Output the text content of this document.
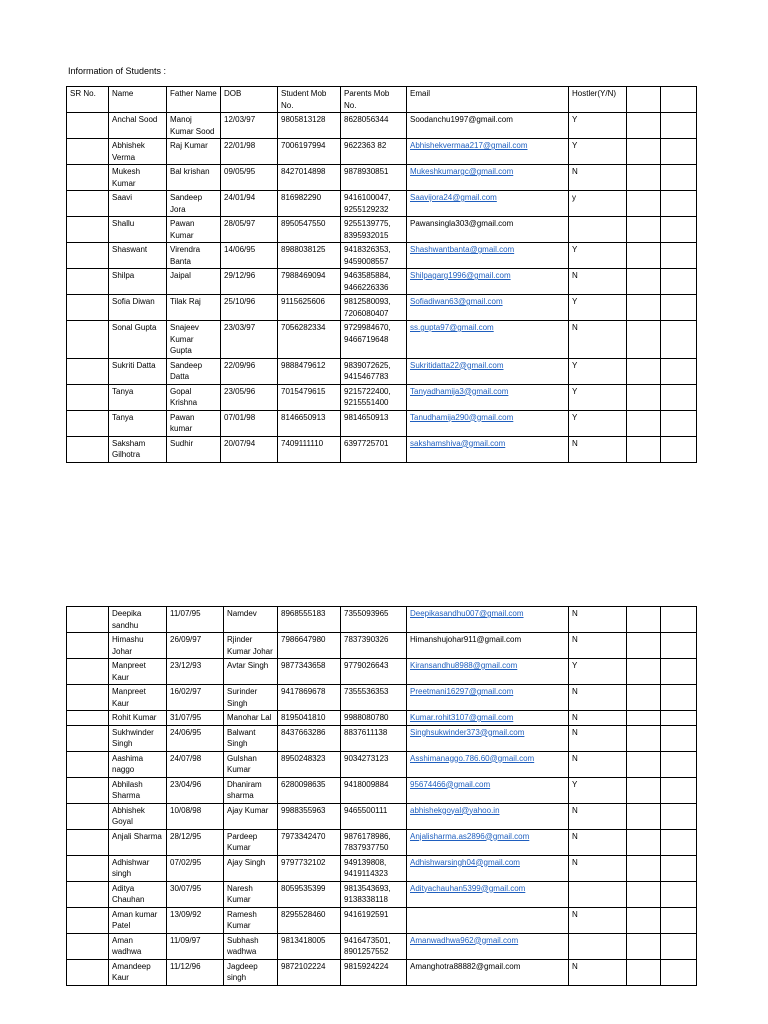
Information of Students :
SR No.	Name	Father Name	DOB	Student Mob No.	Parents Mob No.	Email	Hostler(Y/N)		
	Anchal Sood	Manoj Kumar Sood	12/03/97	9805813128	8628056344	Soodanchu1997@gmail.com	Y		
	Abhishek Verma	Raj Kumar	22/01/98	7006197994	9622363 82	Abhishekvermaa217@gmail.com	Y		
	Mukesh Kumar	Bal krishan	09/05/95	8427014898	9878930851	Mukeshkumargc@gmail.com	N		
	Saavi	Sandeep Jora	24/01/94	816982290	9416100047, 9255129232	Saavijora24@gmail.com	y		
	Shallu	Pawan Kumar	28/05/97	8950547550	9255139775, 8395932015	Pawansingla303@gmail.com			
	Shaswant	Virendra Banta	14/06/95	8988038125	9418326353, 9459008557	Shashwantbanta@gmail.com	Y		
	Shilpa	Jaipal	29/12/96	7988469094	9463585884, 9466226336	Shilpagarg1996@gmail.com	N		
	Sofia Diwan	Tilak Raj	25/10/96	9115625606	9812580093, 7206080407	Sofiadiwan63@gmail.com	Y		
	Sonal Gupta	Snajeev Kumar Gupta	23/03/97	7056282334	9729984670, 9466719648	ss.gupta97@gmail.com	N		
	Sukriti Datta	Sandeep Datta	22/09/96	9888479612	9839072625, 9415467783	Sukritidatta22@gmail.com	Y		
	Tanya	Gopal Krishna	23/05/96	7015479615	9215722400, 9215551400	Tanyadhamija3@gmail.com	Y		
	Tanya	Pawan kumar	07/01/98	8146650913	9814650913	Tanudhamija290@gmail.com	Y		
	Saksham Gilhotra	Sudhir	20/07/94	7409111110	6397725701	sakshamshiva@gmail.com	N		
	Deepika sandhu	11/07/95	Namdev	8968555183	7355093965	Deepikasandhu007@gmail.com	N		
	Himashu Johar	26/09/97	Rjinder Kumar Johar	7986647980	7837390326	Himanshujohar911@gmail.com	N		
	Manpreet Kaur	23/12/93	Avtar Singh	9877343658	9779026643	Kiransandhu8988@gmail.com	Y		
	Manpreet Kaur	16/02/97	Surinder Singh	9417869678	7355536353	Preetmani16297@gmail.com	N		
	Rohit Kumar	31/07/95	Manohar Lal	8195041810	9988080780	Kumar.rohit3107@gmail.com	N		
	Sukhwinder Singh	24/06/95	Balwant Singh	8437663286	8837611138	Singhsukwinder373@gmail.com	N		
	Aashima naggo	24/07/98	Gulshan Kumar	8950248323	9034273123	Asshimanaggo.786.60@gmail.com	N		
	Abhilash Sharma	23/04/96	Dhaniram sharma	6280098635	9418009884	95674466@gmail.com	Y		
	Abhishek Goyal	10/08/98	Ajay Kumar	9988355963	9465500111	abhishekgoyal@yahoo.in	N		
	Anjali Sharma	28/12/95	Pardeep Kumar	7973342470	9876178986, 7837937750	Anjalisharma.as2896@gmail.com	N		
	Adhishwar singh	07/02/95	Ajay Singh	9797732102	949139808, 9419114323	Adhishwarsingh04@gmail.com	N		
	Aditya Chauhan	30/07/95	Naresh Kumar	8059535399	9813543693, 9138338118	Adityachauhan5399@gmail.com			
	Aman kumar Patel	13/09/92	Ramesh Kumar	8295528460	9416192591		N		
	Aman wadhwa	11/09/97	Subhash wadhwa	9813418005	9416473501, 8901257552	Amanwadhwa962@gmail.com			
	Amandeep Kaur	11/12/96	Jagdeep singh	9872102224	9815924224	Amanghotra88882@gmail.com	N		
